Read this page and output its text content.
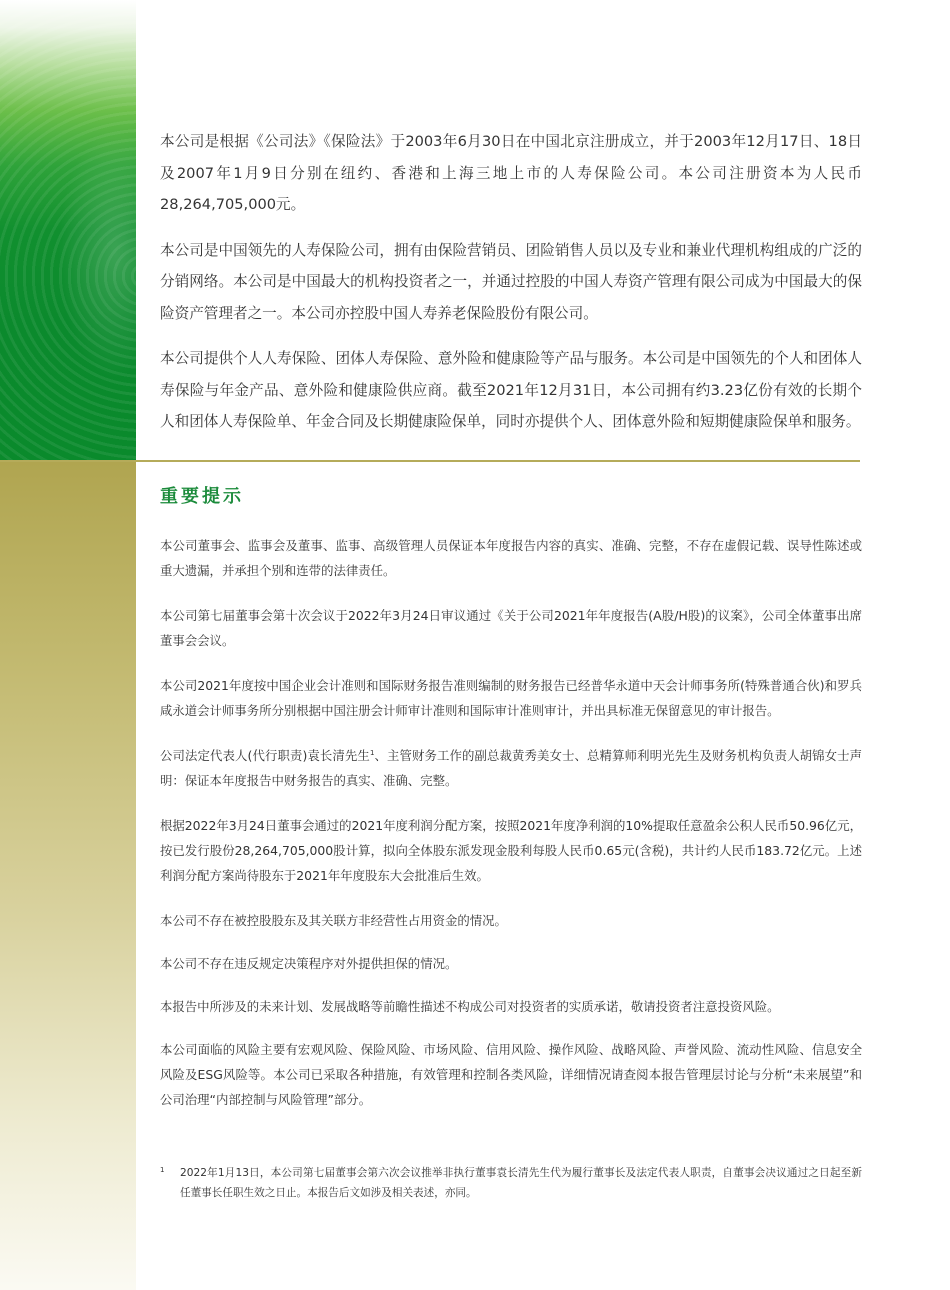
本公司是根据《公司法》《保险法》于2003年6月30日在中国北京注册成立，并于2003年12月17日、18日及2007年1月9日分别在纽约、香港和上海三地上市的人寿保险公司。本公司注册资本为人民币28,264,705,000元。

本公司是中国领先的人寿保险公司，拥有由保险营销员、团险销售人员以及专业和兼业代理机构组成的广泛的分销网络。本公司是中国最大的机构投资者之一，并通过控股的中国人寿资产管理有限公司成为中国最大的保险资产管理者之一。本公司亦控股中国人寿养老保险股份有限公司。

本公司提供个人人寿保险、团体人寿保险、意外险和健康险等产品与服务。本公司是中国领先的个人和团体人寿保险与年金产品、意外险和健康险供应商。截至2021年12月31日，本公司拥有约3.23亿份有效的长期个人和团体人寿保险单、年金合同及长期健康险保单，同时亦提供个人、团体意外险和短期健康险保单和服务。

重要提示

本公司董事会、监事会及董事、监事、高级管理人员保证本年度报告内容的真实、准确、完整，不存在虚假记载、误导性陈述或重大遗漏，并承担个别和连带的法律责任。

本公司第七届董事会第十次会议于2022年3月24日审议通过《关于公司2021年年度报告(A股/H股)的议案》，公司全体董事出席董事会会议。

本公司2021年度按中国企业会计准则和国际财务报告准则编制的财务报告已经普华永道中天会计师事务所(特殊普通合伙)和罗兵咸永道会计师事务所分别根据中国注册会计师审计准则和国际审计准则审计，并出具标准无保留意见的审计报告。

公司法定代表人(代行职责)袁长清先生$^1$、主管财务工作的副总裁黄秀美女士、总精算师利明光先生及财务机构负责人胡锦女士声明：保证本年度报告中财务报告的真实、准确、完整。

根据2022年3月24日董事会通过的2021年度利润分配方案，按照2021年度净利润的10%提取任意盈余公积人民币50.96亿元，按已发行股份28,264,705,000股计算，拟向全体股东派发现金股利每股人民币0.65元(含税)，共计约人民币183.72亿元。上述利润分配方案尚待股东于2021年年度股东大会批准后生效。

本公司不存在被控股股东及其关联方非经营性占用资金的情况。

本公司不存在违反规定决策程序对外提供担保的情况。

本报告中所涉及的未来计划、发展战略等前瞻性描述不构成公司对投资者的实质承诺，敬请投资者注意投资风险。

本公司面临的风险主要有宏观风险、保险风险、市场风险、信用风险、操作风险、战略风险、声誉风险、流动性风险、信息安全风险及ESG风险等。本公司已采取各种措施，有效管理和控制各类风险，详细情况请查阅本报告管理层讨论与分析“未来展望”和公司治理“内部控制与风险管理”部分。

1	2022年1月13日，本公司第七届董事会第六次会议推举非执行董事袁长清先生代为履行董事长及法定代表人职责，自董事会决议通过之日起至新任董事长任职生效之日止。本报告后文如涉及相关表述，亦同。
